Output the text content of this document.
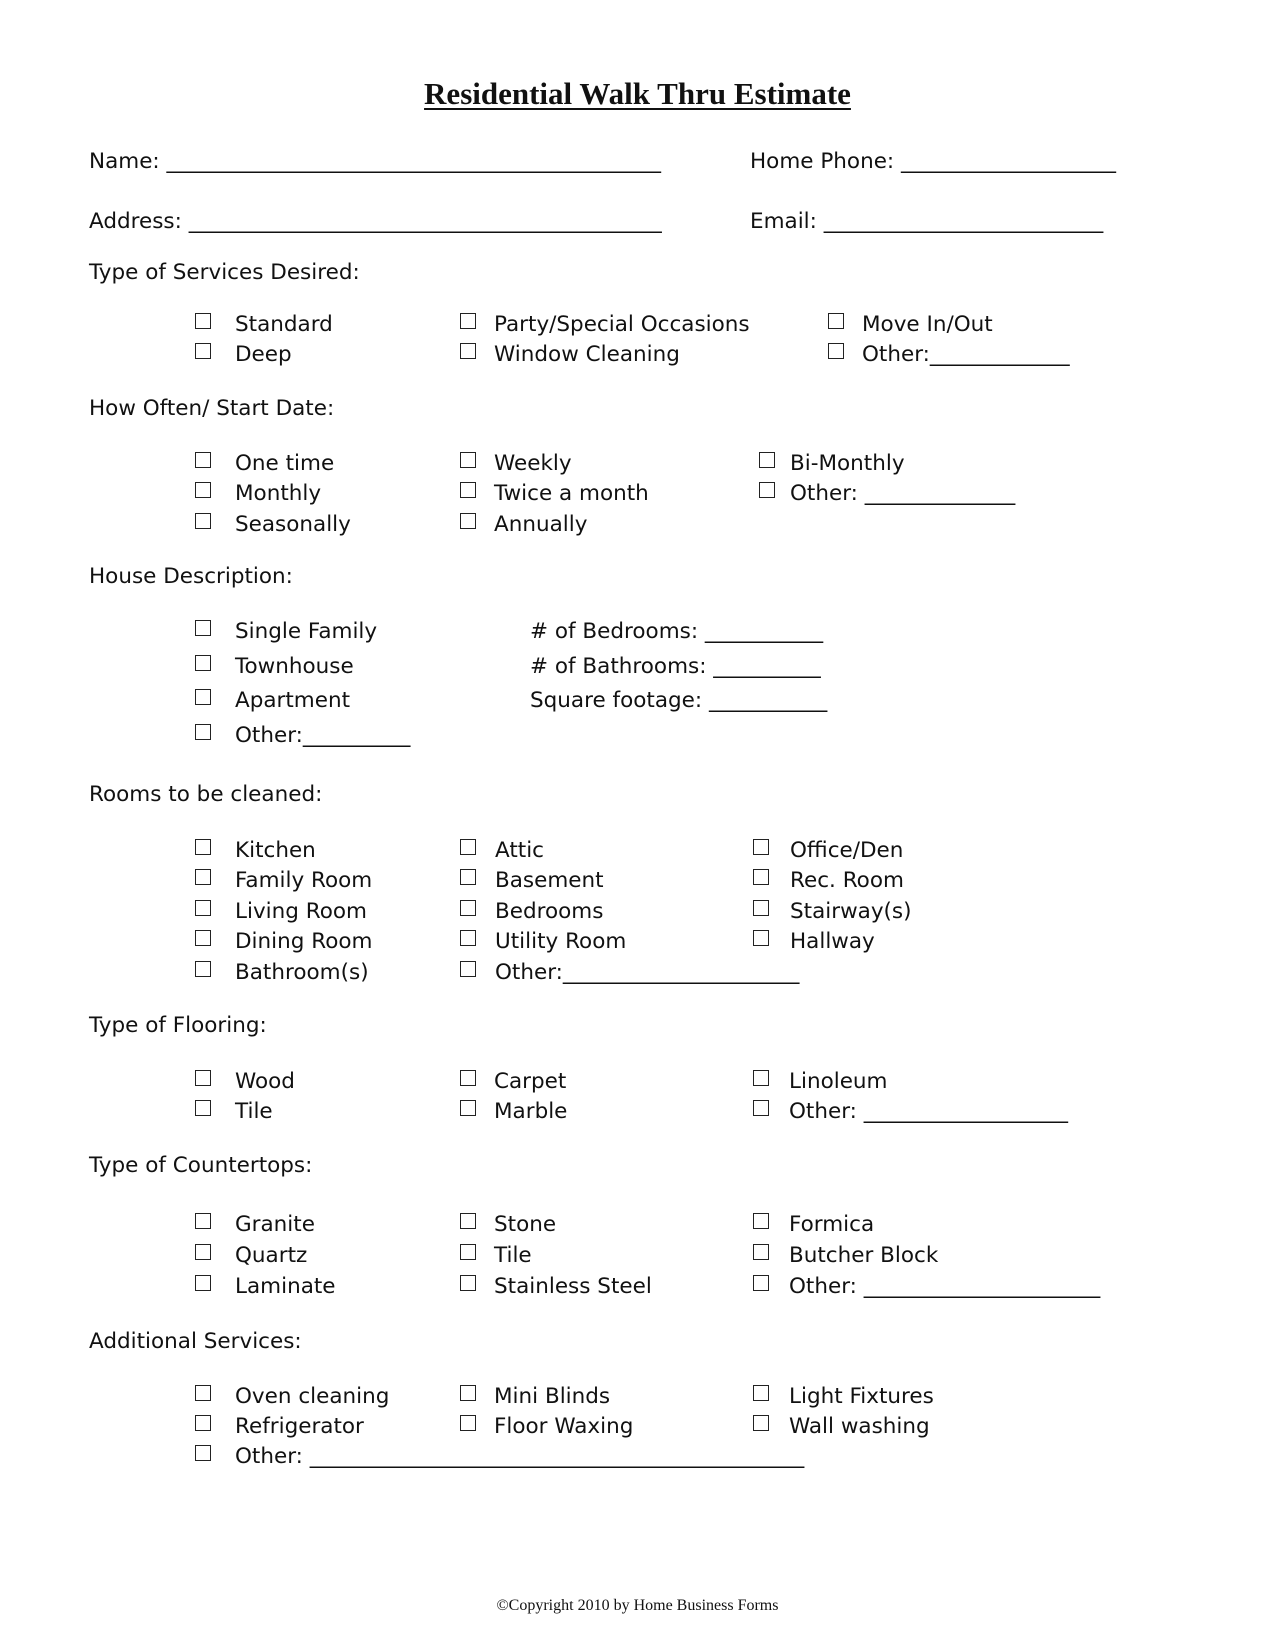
Residential Walk Thru Estimate
Name: ______________________________________________	Home Phone: ____________________
Address: ____________________________________________	Email: __________________________
Type of Services Desired:
Standard
Deep
Party/Special Occasions
Window Cleaning
Move In/Out
Other:_____________
How Often/ Start Date:
One time
Monthly
Seasonally
Weekly
Twice a month
Annually
Bi-Monthly
Other: ______________
House Description:
Single Family
Townhouse
Apartment
Other:__________
# of Bedrooms: ___________
# of Bathrooms: __________
Square footage: ___________
Rooms to be cleaned:
Kitchen
Family Room
Living Room
Dining Room
Bathroom(s)
Attic
Basement
Bedrooms
Utility Room
Other:______________________
Office/Den
Rec. Room
Stairway(s)
Hallway
Type of Flooring:
Wood
Tile
Carpet
Marble
Linoleum
Other: ___________________
Type of Countertops:
Granite
Quartz
Laminate
Stone
Tile
Stainless Steel
Formica
Butcher Block
Other: ______________________
Additional Services:
Oven cleaning
Refrigerator
Other: ______________________________________________
Mini Blinds
Floor Waxing
Light Fixtures
Wall washing
©Copyright 2010 by Home Business Forms
